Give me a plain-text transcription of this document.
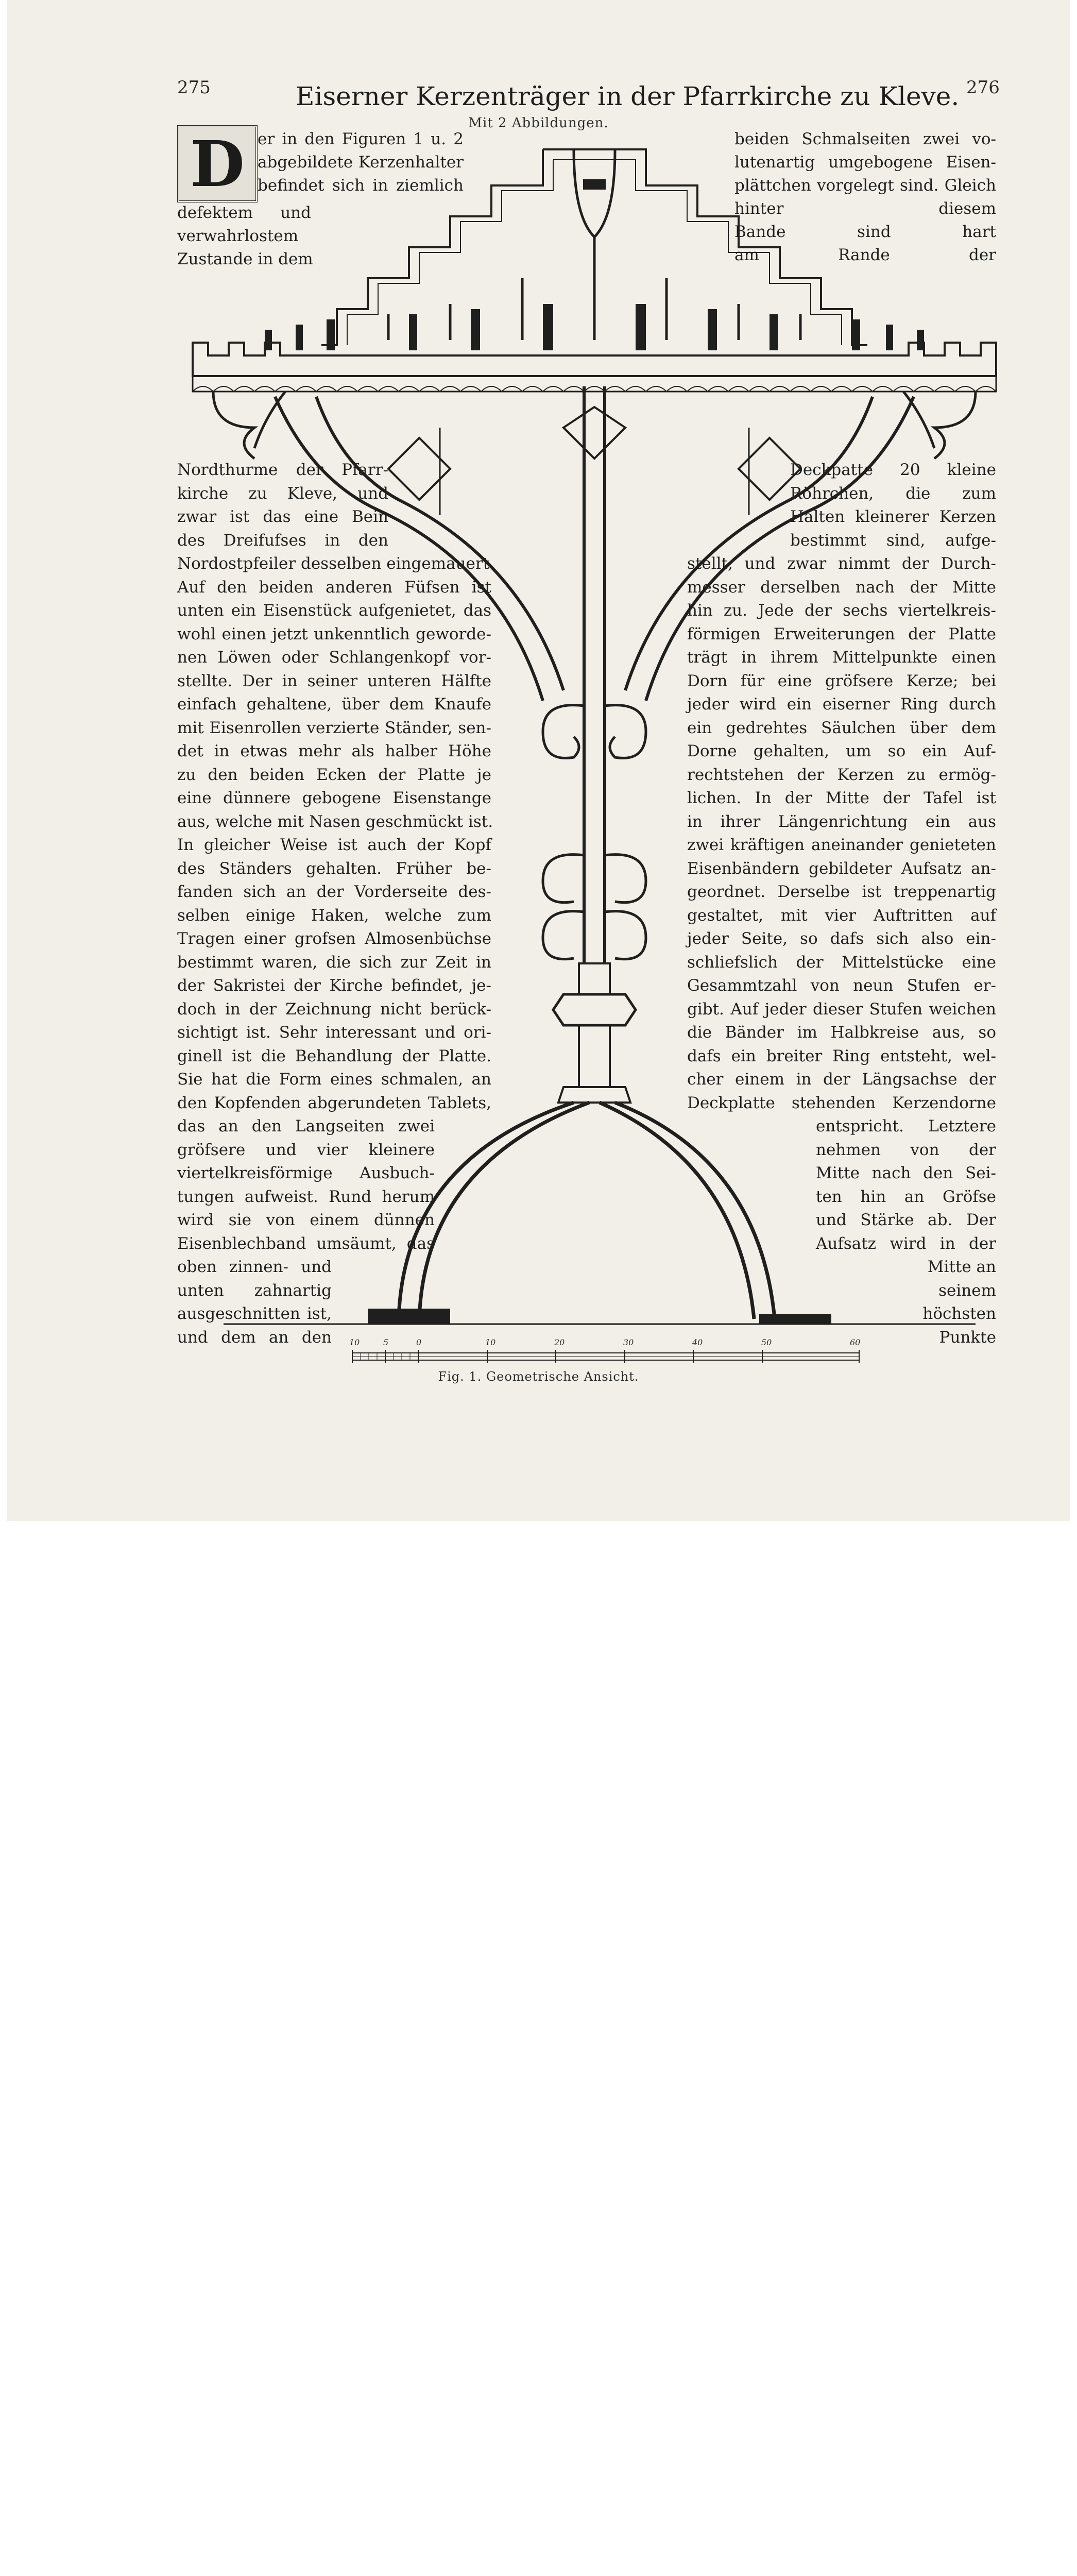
275	Eiserner Kerzenträger in der Pfarrkirche zu Kleve. 276
Mit 2 Abbildungen.
D er in den Figuren 1 u. 2
abgebildete Kerzenhalter
befindet sich in ziemlich
defektem und
verwahrlostem
Zustande in dem
beiden Schmalseiten zwei vo-
lutenartig umgebogene Eisen-
plättchen vorgelegt sind. Gleich
hinter diesem
Bande sind hart
am Rande der
Nordthurme der Pfarr-
kirche zu Kleve, und
zwar ist das eine Bein
des Dreifufses in den
Nordostpfeiler desselben eingemauert.
Auf den beiden anderen Füfsen ist
unten ein Eisenstück aufgenietet, das
wohl einen jetzt unkenntlich geworde-
nen Löwen oder Schlangenkopf vor-
stellte. Der in seiner unteren Hälfte
einfach gehaltene, über dem Knaufe
mit Eisenrollen verzierte Ständer, sen-
det in etwas mehr als halber Höhe
zu den beiden Ecken der Platte je
eine dünnere gebogene Eisenstange
aus, welche mit Nasen geschmückt ist.
In gleicher Weise ist auch der Kopf
des Ständers gehalten. Früher be-
fanden sich an der Vorderseite des-
selben einige Haken, welche zum
Tragen einer grofsen Almosenbüchse
bestimmt waren, die sich zur Zeit in
der Sakristei der Kirche befindet, je-
doch in der Zeichnung nicht berück-
sichtigt ist. Sehr interessant und ori-
ginell ist die Behandlung der Platte.
Sie hat die Form eines schmalen, an
den Kopfenden abgerundeten Tablets,
das an den Langseiten zwei
gröfsere und vier kleinere
viertelkreisförmige Ausbuch-
tungen aufweist. Rund herum
wird sie von einem dünnen
Eisenblechband umsäumt, das
oben zinnen- und
unten zahnartig
ausgeschnitten ist,
und dem an den
Deckpatte 20 kleine
Röhrchen, die zum
Halten kleinerer Kerzen
bestimmt sind, aufge-
stellt, und zwar nimmt der Durch-
messer derselben nach der Mitte
hin zu. Jede der sechs viertelkreis-
förmigen Erweiterungen der Platte
trägt in ihrem Mittelpunkte einen
Dorn für eine gröfsere Kerze; bei
jeder wird ein eiserner Ring durch
ein gedrehtes Säulchen über dem
Dorne gehalten, um so ein Auf-
rechtstehen der Kerzen zu ermög-
lichen. In der Mitte der Tafel ist
in ihrer Längenrichtung ein aus
zwei kräftigen aneinander genieteten
Eisenbändern gebildeter Aufsatz an-
geordnet. Derselbe ist treppenartig
gestaltet, mit vier Auftritten auf
jeder Seite, so dafs sich also ein-
schliefslich der Mittelstücke eine
Gesammtzahl von neun Stufen er-
gibt. Auf jeder dieser Stufen weichen
die Bänder im Halbkreise aus, so
dafs ein breiter Ring entsteht, wel-
cher einem in der Längsachse der
Deckplatte stehenden Kerzendorne
entspricht. Letztere
nehmen von der
Mitte nach den Sei-
ten hin an Gröfse
und Stärke ab. Der
Aufsatz wird in der
Mitte an
seinem
höchsten
Punkte
10	5	0	10	20	30	40	50	60
Fig. 1. Geometrische Ansicht.
